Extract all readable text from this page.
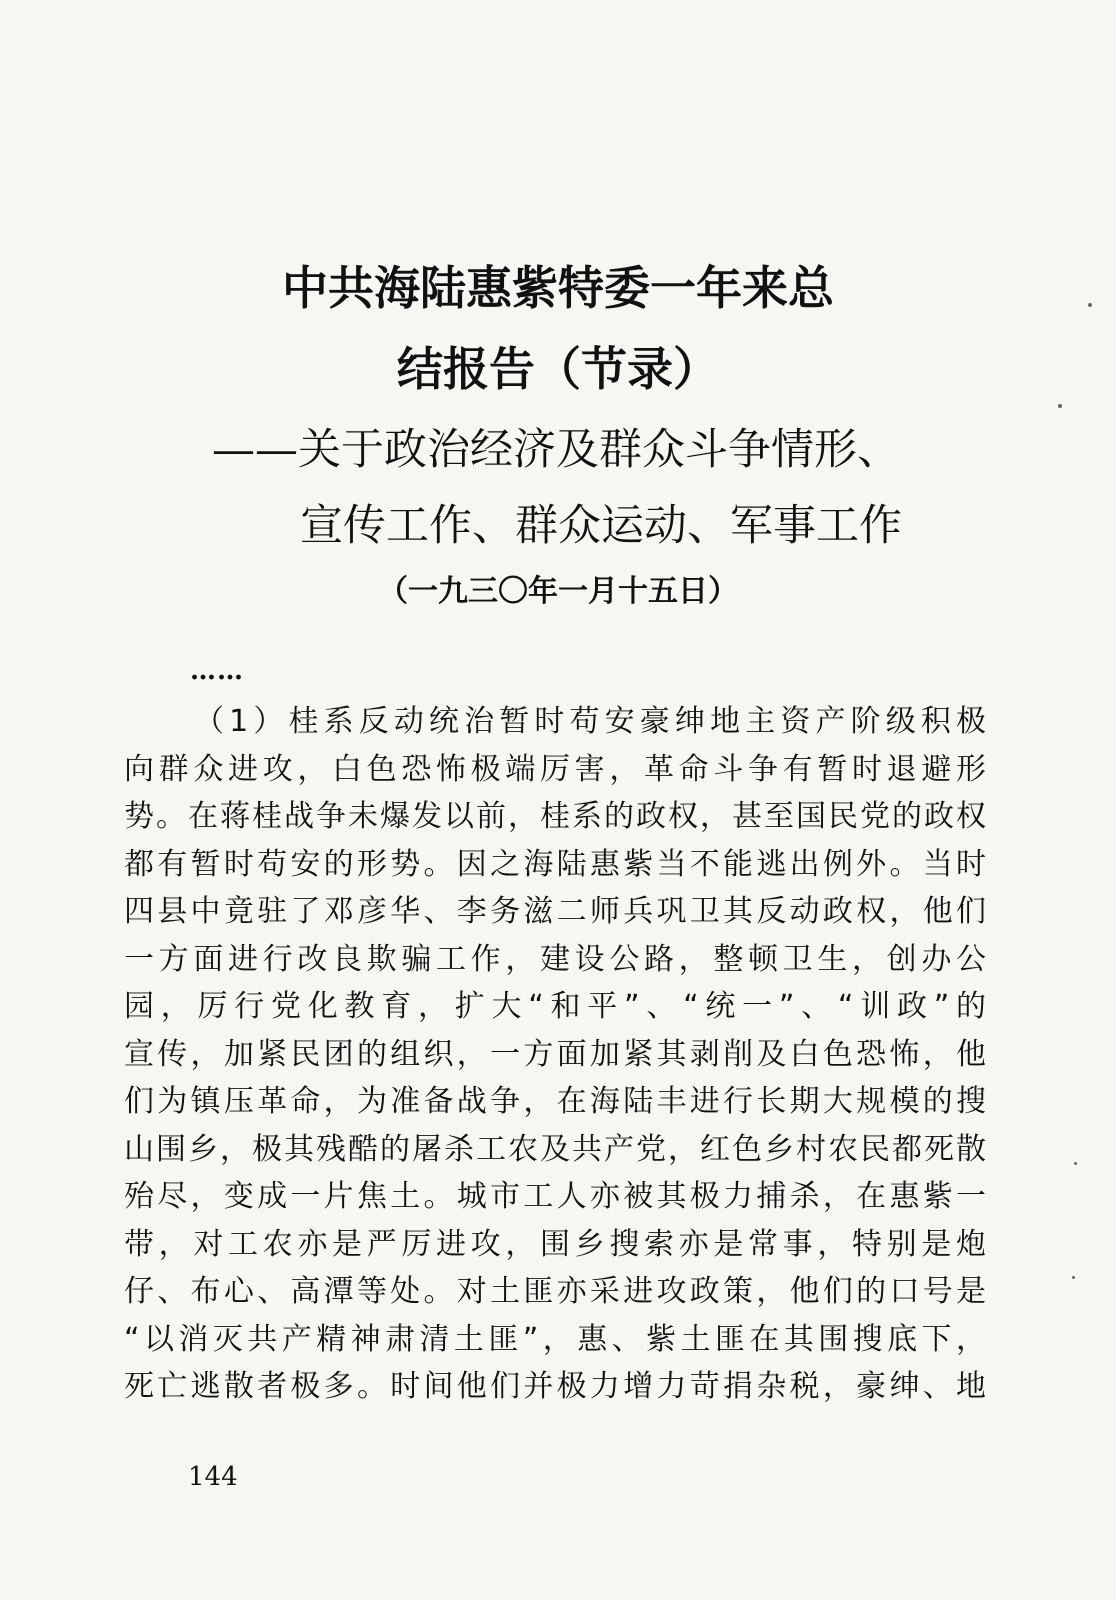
中共海陆惠紫特委一年来总
结报告（节录）
——关于政治经济及群众斗争情形、
宣传工作、群众运动、军事工作
（一九三〇年一月十五日）
……
（1）桂系反动统治暂时苟安豪绅地主资产阶级积极
向群众进攻，白色恐怖极端厉害，革命斗争有暂时退避形
势。在蒋桂战争未爆发以前，桂系的政权，甚至国民党的政权
都有暂时苟安的形势。因之海陆惠紫当不能逃出例外。当时
四县中竟驻了邓彦华、李务滋二师兵巩卫其反动政权，他们
一方面进行改良欺骗工作，建设公路，整顿卫生，创办公
园，厉行党化教育，扩大“和平”、“统一”、“训政”的
宣传，加紧民团的组织，一方面加紧其剥削及白色恐怖，他
们为镇压革命，为准备战争，在海陆丰进行长期大规模的搜
山围乡，极其残酷的屠杀工农及共产党，红色乡村农民都死散
殆尽，变成一片焦土。城市工人亦被其极力捕杀，在惠紫一
带，对工农亦是严厉进攻，围乡搜索亦是常事，特别是炮
仔、布心、高潭等处。对土匪亦采进攻政策，他们的口号是
“以消灭共产精神肃清土匪”，惠、紫土匪在其围搜底下，
死亡逃散者极多。时间他们并极力增力苛捐杂税，豪绅、地
144
